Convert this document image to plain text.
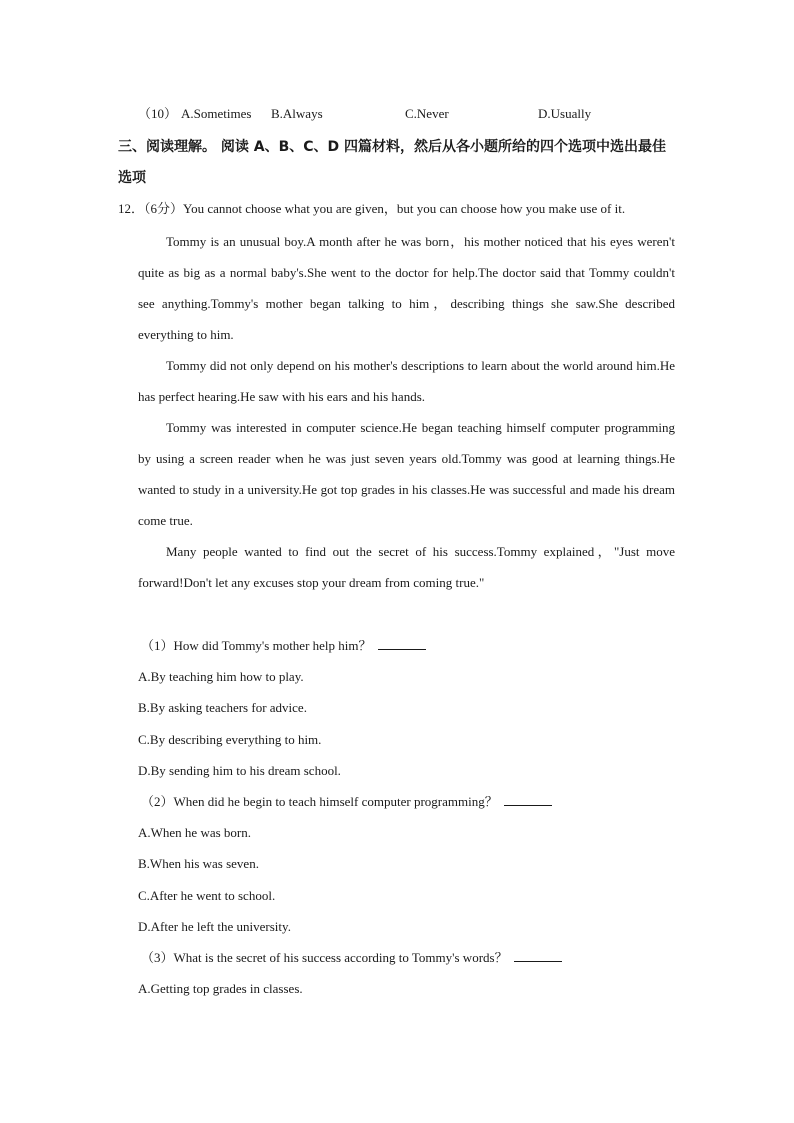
（10） A.Sometimes B.Always	C.Never	D.Usually
三、阅读理解。 阅读 A、B、C、D 四篇材料，然后从各小题所给的四个选项中选出最佳选项
12．（6分）You cannot choose what you are given，but you can choose how you make use of it.

Tommy is an unusual boy.A month after he was born，his mother noticed that his eyes weren't quite as big as a normal baby's.She went to the doctor for help.The doctor said that Tommy couldn't see anything.Tommy's mother began talking to him，describing things she saw.She described everything to him.

Tommy did not only depend on his mother's descriptions to learn about the world around him.He has perfect hearing.He saw with his ears and his hands.

Tommy was interested in computer science.He began teaching himself computer programming by using a screen reader when he was just seven years old.Tommy was good at learning things.He wanted to study in a university.He got top grades in his classes.He was successful and made his dream come true.

Many people wanted to find out the secret of his success.Tommy explained，"Just move forward!Don't let any excuses stop your dream from coming true."

（1）How did Tommy's mother help him？
A.By teaching him how to play.
B.By asking teachers for advice.
C.By describing everything to him.
D.By sending him to his dream school.
（2）When did he begin to teach himself computer programming？
A.When he was born.
B.When his was seven.
C.After he went to school.
D.After he left the university.
（3）What is the secret of his success according to Tommy's words？
A.Getting top grades in classes.
